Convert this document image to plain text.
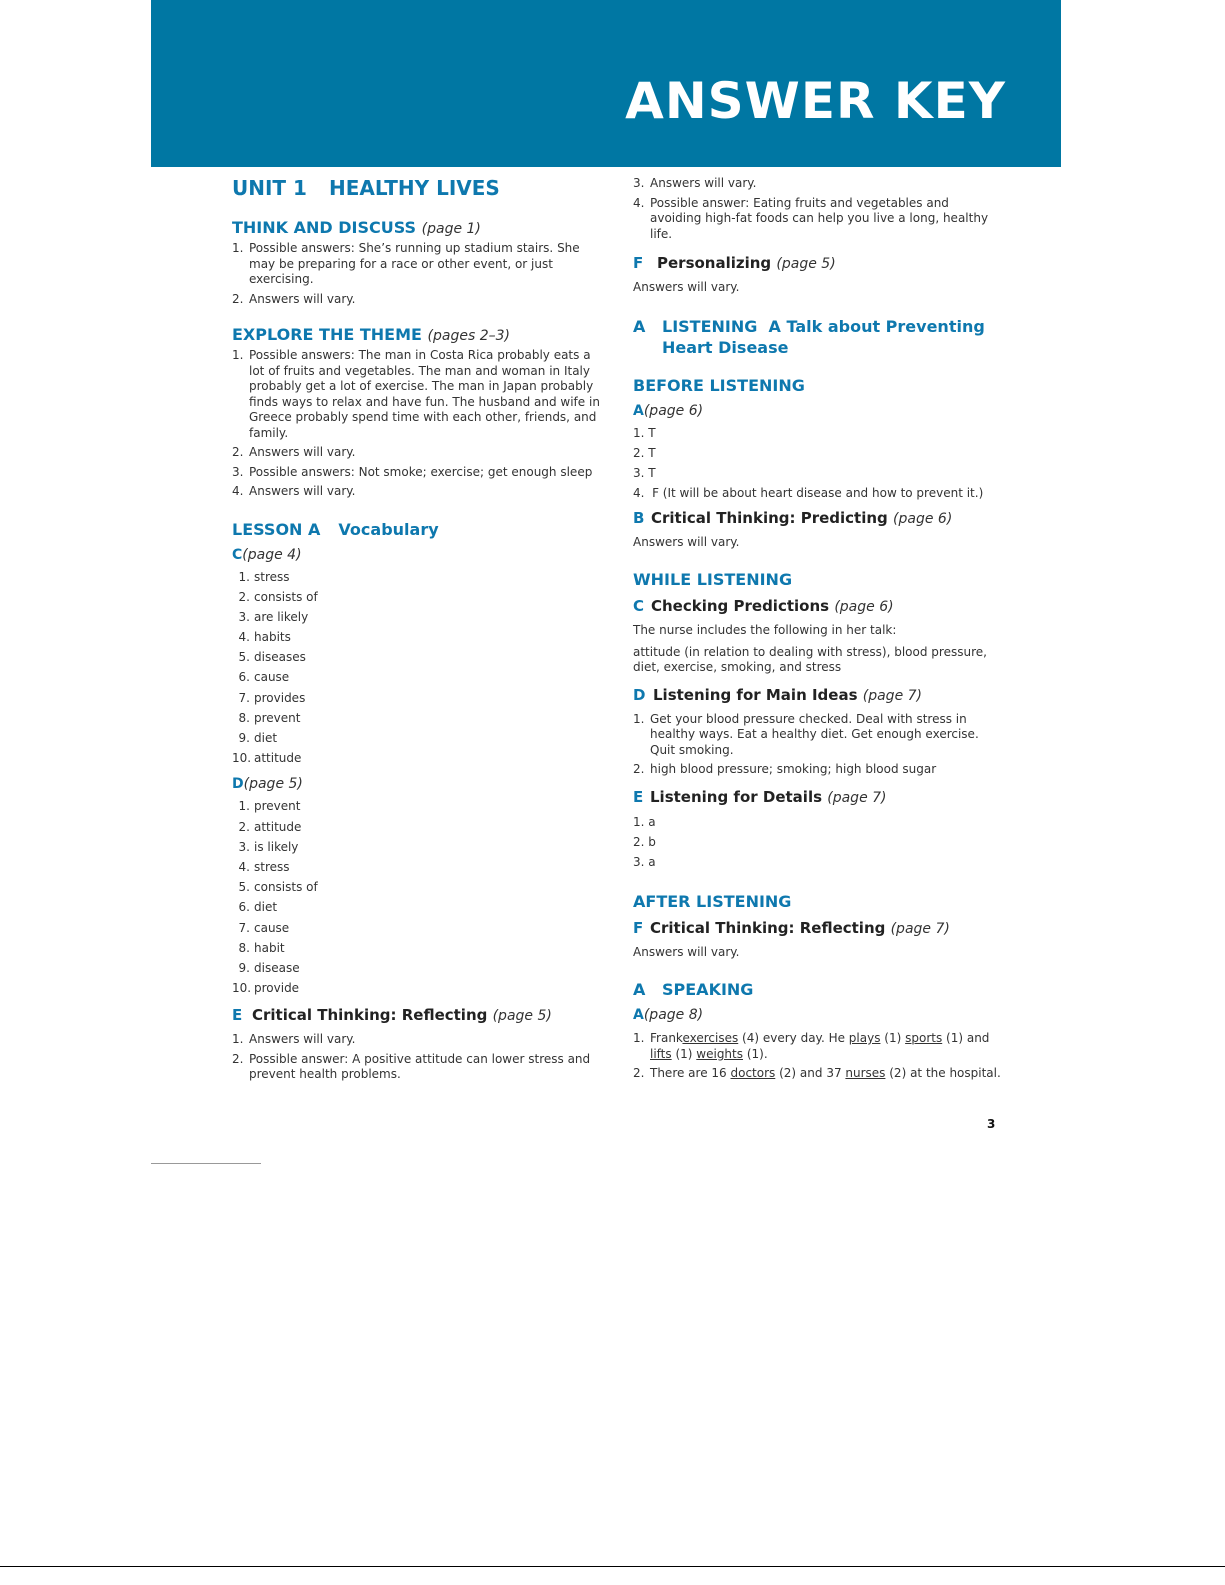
ANSWER KEY
UNIT 1 HEALTHY LIVES
THINK AND DISCUSS (page 1)
1. Possible answers: She’s running up stadium stairs. She may be preparing for a race or other event, or just exercising.
2. Answers will vary.
EXPLORE THE THEME (pages 2–3)
1. Possible answers: The man in Costa Rica probably eats a lot of fruits and vegetables. The man and woman in Italy probably get a lot of exercise. The man in Japan probably finds ways to relax and have fun. The husband and wife in Greece probably spend time with each other, friends, and family.
2. Answers will vary.
3. Possible answers: Not smoke; exercise; get enough sleep
4. Answers will vary.
LESSON A Vocabulary
C(page 4)
1. stress
2. consists of
3. are likely
4. habits
5. diseases
6. cause
7. provides
8. prevent
9. diet
10. attitude
D(page 5)
1. prevent
2. attitude
3. is likely
4. stress
5. consists of
6. diet
7. cause
8. habit
9. disease
10. provide
E Critical Thinking: Reflecting (page 5)
1. Answers will vary.
2. Possible answer: A positive attitude can lower stress and prevent health problems.
3. Answers will vary.
4. Possible answer: Eating fruits and vegetables and avoiding high-fat foods can help you live a long, healthy life.
F Personalizing (page 5)

Answers will vary.

A LISTENING A Talk about Preventing
Heart Disease
BEFORE LISTENING
A(page 6)
1. T
2. T
3. T
4.  F (It will be about heart disease and how to prevent it.)
B Critical Thinking: Predicting (page 6)

Answers will vary.

WHILE LISTENING
C Checking Predictions (page 6)

The nurse includes the following in her talk:

attitude (in relation to dealing with stress), blood pressure, diet, exercise, smoking, and stress

D Listening for Main Ideas (page 7)
1. Get your blood pressure checked. Deal with stress in healthy ways. Eat a healthy diet. Get enough exercise. Quit smoking.
2. high blood pressure; smoking; high blood sugar
E Listening for Details (page 7)
1. a
2. b
3. a
AFTER LISTENING
F Critical Thinking: Reflecting (page 7)

Answers will vary.

A SPEAKING
A(page 8)
1. Frankexercises (4) every day. He plays (1) sports (1) and lifts (1) weights (1).
2. There are 16 doctors (2) and 37 nurses (2) at the hospital.
3
